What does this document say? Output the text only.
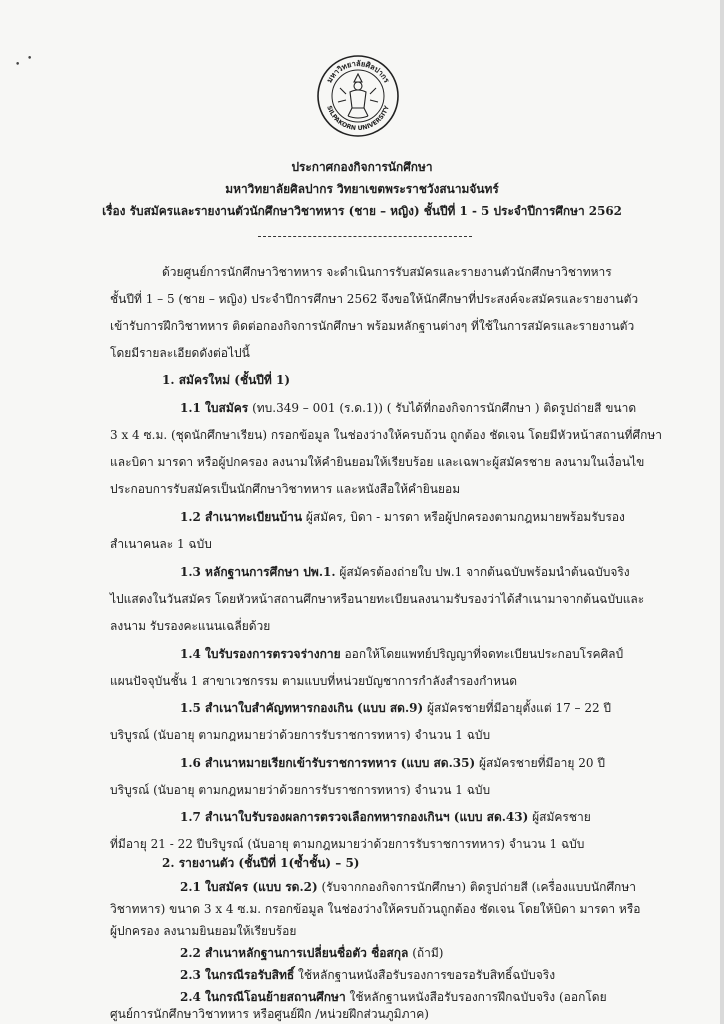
•
•
มหาวิทยาลัยศิลปากร
SILPAKORN UNIVERSITY
ประกาศกองกิจการนักศึกษา
มหาวิทยาลัยศิลปากร วิทยาเขตพระราชวังสนามจันทร์
เรื่อง รับสมัครและรายงานตัวนักศึกษาวิชาทหาร (ชาย – หญิง) ชั้นปีที่ 1 - 5 ประจำปีการศึกษา 2562
ด้วยศูนย์การนักศึกษาวิชาทหาร จะดำเนินการรับสมัครและรายงานตัวนักศึกษาวิชาทหาร
ชั้นปีที่ 1 – 5 (ชาย – หญิง) ประจำปีการศึกษา 2562 จึงขอให้นักศึกษาที่ประสงค์จะสมัครและรายงานตัว
เข้ารับการฝึกวิชาทหาร ติดต่อกองกิจการนักศึกษา พร้อมหลักฐานต่างๆ ที่ใช้ในการสมัครและรายงานตัว
โดยมีรายละเอียดดังต่อไปนี้
1. สมัครใหม่ (ชั้นปีที่ 1)
1.1 ใบสมัคร (ทบ.349 – 001 (ร.ด.1)) ( รับได้ที่กองกิจการนักศึกษา ) ติดรูปถ่ายสี ขนาด
3 x 4 ซ.ม. (ชุดนักศึกษาเรียน) กรอกข้อมูล ในช่องว่างให้ครบถ้วน ถูกต้อง ชัดเจน โดยมีหัวหน้าสถานที่ศึกษา
และบิดา มารดา หรือผู้ปกครอง ลงนามให้คำยินยอมให้เรียบร้อย และเฉพาะผู้สมัครชาย ลงนามในเงื่อนไข
ประกอบการรับสมัครเป็นนักศึกษาวิชาทหาร และหนังสือให้คำยินยอม
1.2 สำเนาทะเบียนบ้าน ผู้สมัคร, บิดา - มารดา หรือผู้ปกครองตามกฎหมายพร้อมรับรอง
สำเนาคนละ 1 ฉบับ
1.3 หลักฐานการศึกษา ปพ.1. ผู้สมัครต้องถ่ายใบ ปพ.1 จากต้นฉบับพร้อมนำต้นฉบับจริง
ไปแสดงในวันสมัคร โดยหัวหน้าสถานศึกษาหรือนายทะเบียนลงนามรับรองว่าได้สำเนามาจากต้นฉบับและ
ลงนาม รับรองคะแนนเฉลี่ยด้วย
1.4 ใบรับรองการตรวจร่างกาย ออกให้โดยแพทย์ปริญญาที่จดทะเบียนประกอบโรคศิลป์
แผนปัจจุบันชั้น 1 สาขาเวชกรรม ตามแบบที่หน่วยบัญชาการกำลังสำรองกำหนด
1.5 สำเนาใบสำคัญทหารกองเกิน (แบบ สด.9) ผู้สมัครชายที่มีอายุตั้งแต่ 17 – 22 ปี
บริบูรณ์ (นับอายุ ตามกฎหมายว่าด้วยการรับราชการทหาร) จำนวน 1 ฉบับ
1.6 สำเนาหมายเรียกเข้ารับราชการทหาร (แบบ สด.35) ผู้สมัครชายที่มีอายุ 20 ปี
บริบูรณ์ (นับอายุ ตามกฎหมายว่าด้วยการรับราชการทหาร) จำนวน 1 ฉบับ
1.7 สำเนาใบรับรองผลการตรวจเลือกทหารกองเกินฯ (แบบ สด.43) ผู้สมัครชาย
ที่มีอายุ 21 - 22 ปีบริบูรณ์ (นับอายุ ตามกฎหมายว่าด้วยการรับราชการทหาร) จำนวน 1 ฉบับ
2. รายงานตัว (ชั้นปีที่ 1(ซ้ำชั้น) – 5)
2.1 ใบสมัคร (แบบ รด.2) (รับจากกองกิจการนักศึกษา) ติดรูปถ่ายสี (เครื่องแบบนักศึกษา
วิชาทหาร) ขนาด 3 x 4 ซ.ม. กรอกข้อมูล ในช่องว่างให้ครบถ้วนถูกต้อง ชัดเจน โดยให้บิดา มารดา หรือ
ผู้ปกครอง ลงนามยินยอมให้เรียบร้อย
2.2 สำเนาหลักฐานการเปลี่ยนชื่อตัว ชื่อสกุล (ถ้ามี)
2.3 ในกรณีรอรับสิทธิ์ ใช้หลักฐานหนังสือรับรองการขอรอรับสิทธิ์ฉบับจริง
2.4 ในกรณีโอนย้ายสถานศึกษา ใช้หลักฐานหนังสือรับรองการฝึกฉบับจริง (ออกโดย
ศูนย์การนักศึกษาวิชาทหาร หรือศูนย์ฝึก /หน่วยฝึกส่วนภูมิภาค)
